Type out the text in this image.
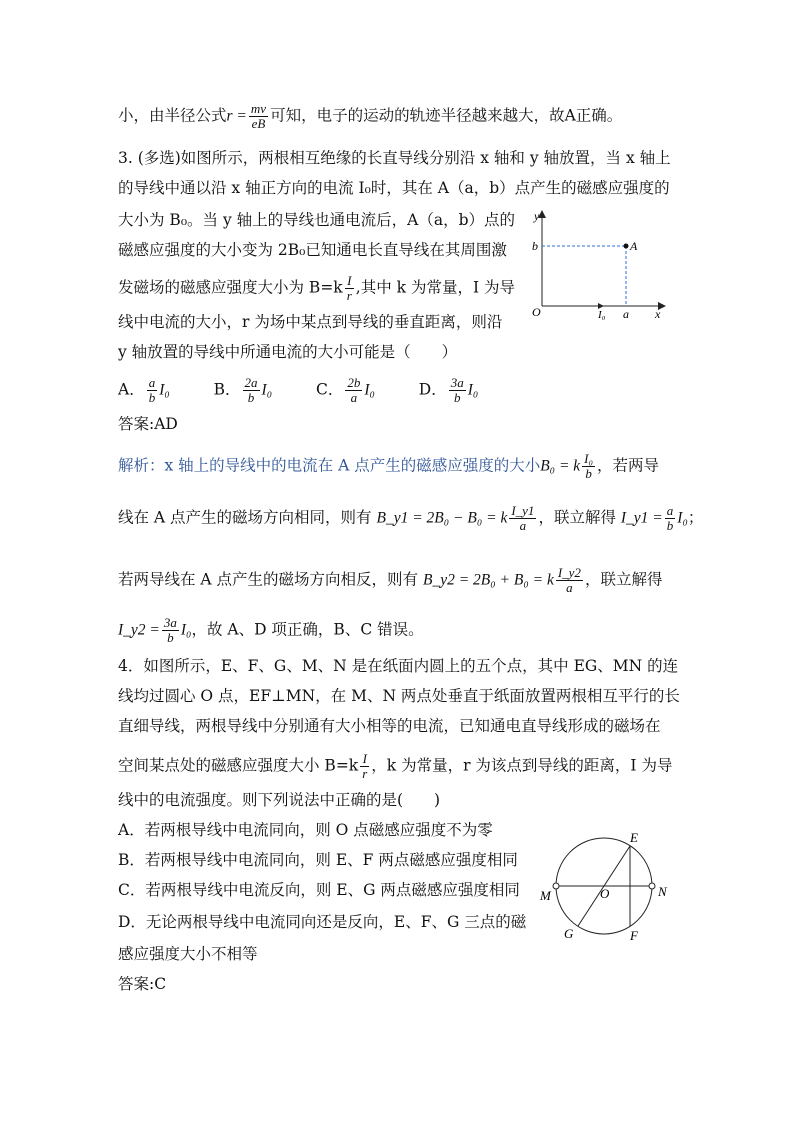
小，由半径公式$r = \frac{mv}{eB}$ 可知，电子的运动的轨迹半径越来越大，故A正确。
3. (多选)如图所示，两根相互绝缘的长直导线分别沿 x 轴和 y 轴放置，当 x 轴上
的导线中通以沿 x 轴正方向的电流 I₀时，其在 A（a，b）点产生的磁感应强度的
大小为 B₀。当 y 轴上的导线也通电流后，A（a，b）点的
磁感应强度的大小变为 2B₀已知通电长直导线在其周围激
发磁场的磁感应强度大小为 $B=k \frac{I}{r}$ ,其中 k 为常量，I 为导
线中电流的大小，r 为场中某点到导线的垂直距离，则沿
y 轴放置的导线中所通电流的大小可能是（　　）
A． $\frac{a}{b} I_0$	B． $\frac{2a}{b} I_0$	C． $\frac{2b}{a} I_0$	D． $\frac{3a}{b} I_0$
答案:AD
解析：x 轴上的导线中的电流在 A 点产生的磁感应强度的大小B₀ = k $\frac{\text{I₀}}{b}$ ，若两导
线在 A 点产生的磁场方向相同，则有 B_y1 = 2B₀ − B₀ = k $\frac{I\_y1}{a}$ ，联立解得 I_y1 = $\frac{a}{b} I_0$；
若两导线在 A 点产生的磁场方向相反，则有 B_y2 = 2B₀ + B₀ = k $\frac{I\_y2}{a}$ ，联立解得
I_y2 = $\frac{3a}{b} I_0$，故 A、D 项正确，B、C 错误。
4．如图所示，E、F、G、M、N 是在纸面内圆上的五个点，其中 EG、MN 的连
线均过圆心 O 点，EF⊥MN，在 M、N 两点处垂直于纸面放置两根相互平行的长
直细导线，两根导线中分别通有大小相等的电流，已知通电直导线形成的磁场在
空间某点处的磁感应强度大小 $B=k \frac{I}{r}$ ，k 为常量，r 为该点到导线的距离，I 为导
线中的电流强度。则下列说法中正确的是(　　)
A．若两根导线中电流同向，则 O 点磁感应强度不为零
B．若两根导线中电流同向，则 E、F 两点磁感应强度相同
C．若两根导线中电流反向，则 E、G 两点磁感应强度相同
D．无论两根导线中电流同向还是反向，E、F、G 三点的磁
感应强度大小不相等
答案:C
y
x
O
b	A
I₀ a
E
F
G
M	N
O
